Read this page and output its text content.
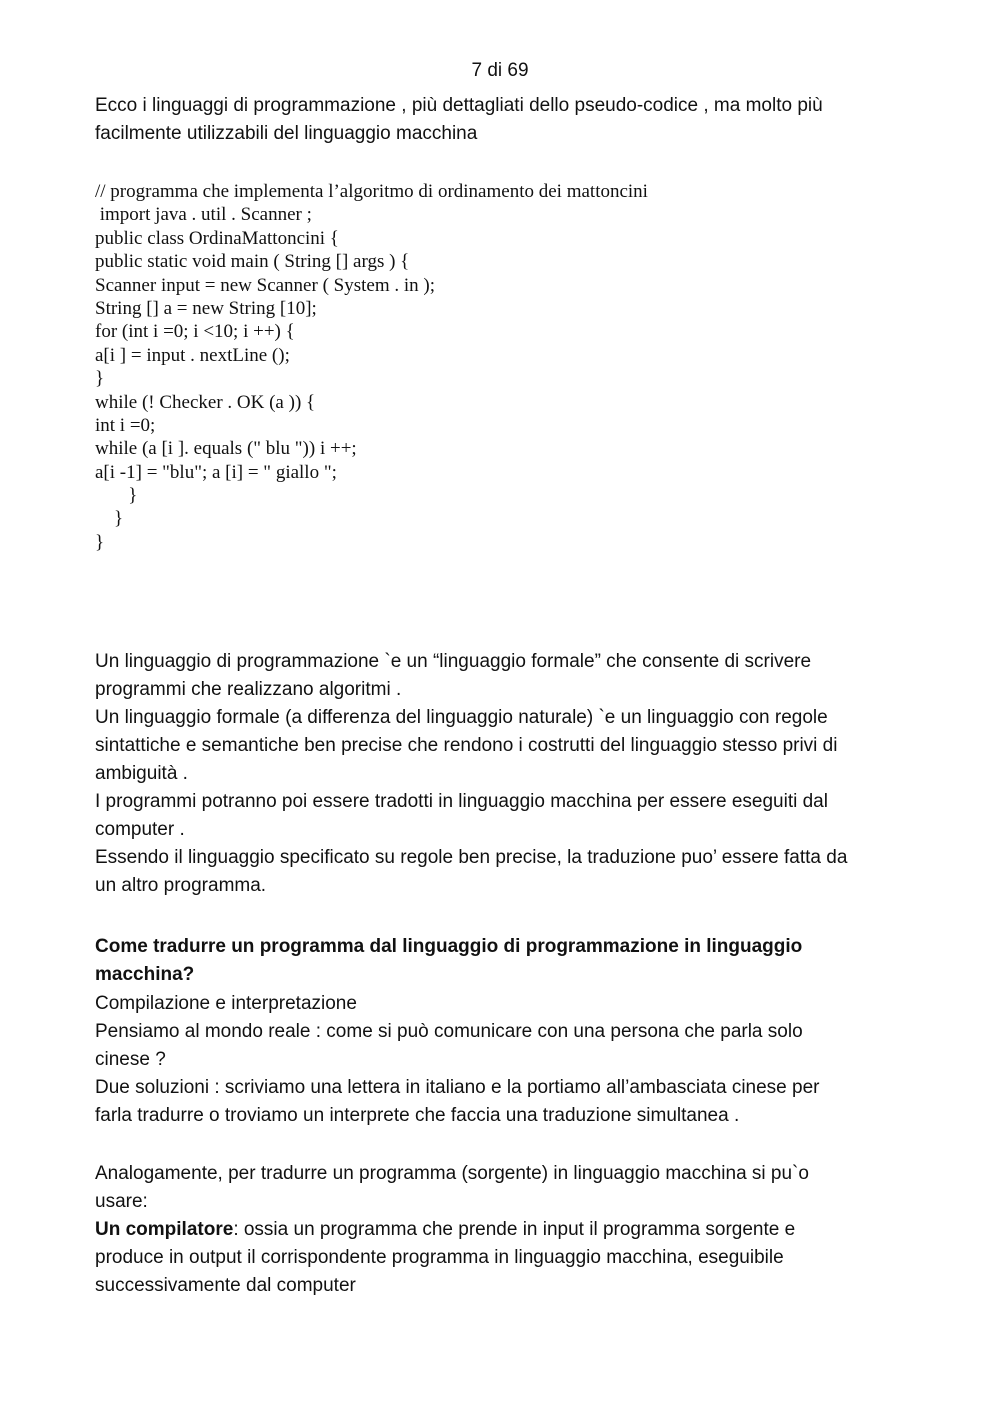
7 di 69
Ecco i linguaggi di programmazione , più dettagliati dello pseudo-codice , ma molto più
facilmente utilizzabili del linguaggio macchina
// programma che implementa l’algoritmo di ordinamento dei mattoncini
import java . util . Scanner ;
public class OrdinaMattoncini {
public static void main ( String [] args ) {
Scanner input = new Scanner ( System . in );
String [] a = new String [10];
for (int i =0; i <10; i ++) {
a[i ] = input . nextLine ();
}
while (! Checker . OK (a )) {
int i =0;
while (a [i ]. equals (" blu ")) i ++;
a[i -1] = "blu"; a [i] = " giallo ";
}
}
}
Un linguaggio di programmazione `e un “linguaggio formale” che consente di scrivere
programmi che realizzano algoritmi .
Un linguaggio formale (a differenza del linguaggio naturale) `e un linguaggio con regole
sintattiche e semantiche ben precise che rendono i costrutti del linguaggio stesso privi di
ambiguità .
I programmi potranno poi essere tradotti in linguaggio macchina per essere eseguiti dal
computer .
Essendo il linguaggio specificato su regole ben precise, la traduzione puo’ essere fatta da
un altro programma.
Come tradurre un programma dal linguaggio di programmazione in linguaggio
macchina?
Compilazione e interpretazione
Pensiamo al mondo reale : come si può comunicare con una persona che parla solo
cinese ?
Due soluzioni : scriviamo una lettera in italiano e la portiamo all’ambasciata cinese per
farla tradurre o troviamo un interprete che faccia una traduzione simultanea .
Analogamente, per tradurre un programma (sorgente) in linguaggio macchina si pu`o
usare:
Un compilatore: ossia un programma che prende in input il programma sorgente e
produce in output il corrispondente programma in linguaggio macchina, eseguibile
successivamente dal computer
